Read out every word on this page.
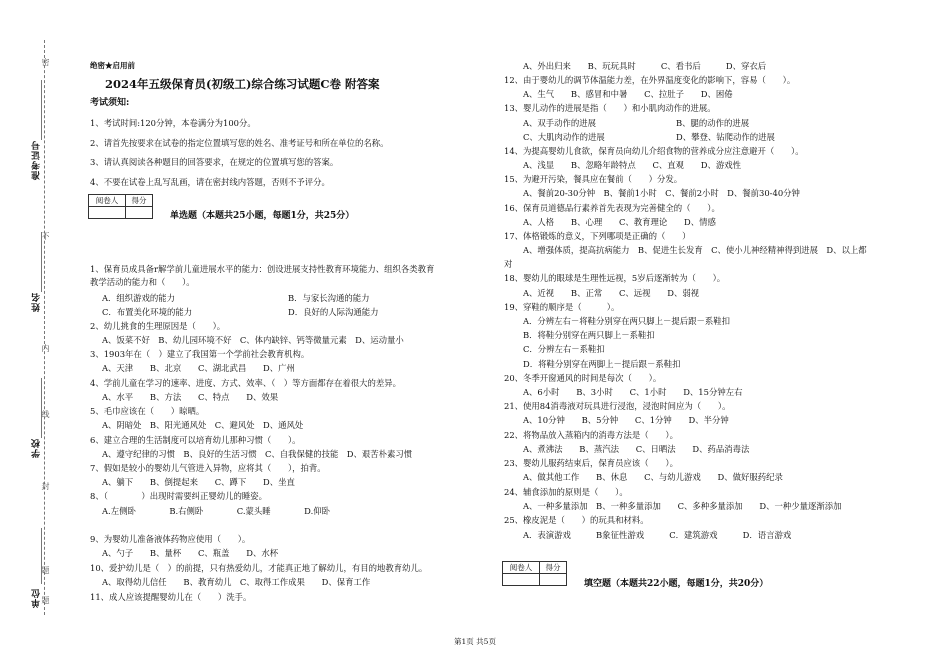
准考证号
姓名
学校
单位
密
不
内
线
封
题
题
绝密★启用前
2024年五级保育员(初级工)综合练习试题C卷 附答案
考试须知:
1、考试时间:120分钟，本卷满分为100分。
2、请首先按要求在试卷的指定位置填写您的姓名、准考证号和所在单位的名称。
3、请认真阅读各种题目的回答要求，在规定的位置填写您的答案。
4、不要在试卷上乱写乱画，请在密封线内答题，否则不予评分。
阅卷人	得分

单选题（本题共25小题，每题1分，共25分）
1、保育员成具备r解学前儿童进展水平的能力：创设进展支持性教育环境能力、组织各类教育
教学活动的能力和（　　）。
A．组织游戏的能力	B．与家长沟通的能力
C．布置美化环境的能力	D．良好的人际沟通能力
2、幼儿挑食的生理原因是（　　）。
A、饭菜不好　B、幼儿园环境不好　C、体内缺锌、钙等微量元素　D、运动量小
3、1903年在（　）建立了我国第一个学前社会教育机构。
A、天津　　B、北京　　C、湖北武昌　　D、广州
4、学前儿童在学习的速率、进度、方式、效率、（　）等方面都存在着很大的差异。
A、水平　　B、方法　　C、特点　　D、效果
5、毛巾应该在（　　）晾晒。
A、阴暗处　B、阳光通风处　C、避风处　D、通风处
6、建立合理的生活制度可以培育幼儿那种习惯（　　）。
A、遵守纪律的习惯　B、良好的生活习惯　C、自我保健的技能　D、艰苦朴素习惯
7、假如是较小的婴幼儿气管进入异物，应将其（　　），拍背。
A、躺下　　B、倒提起来　　C、蹲下　　D、坐直
8、（　　　　）出现时需要纠正婴幼儿的睡姿。
A.左侧卧　　　　B.右侧卧　　　　C.蒙头睡　　　　D.仰卧
9、为婴幼儿准备液体药物应使用（　　）。
A、勺子　　B、量杯　　C、瓶盖　　D、水杯
10、爱护幼儿是（　）的前提，只有热爱幼儿，才能真正地了解幼儿，有目的地教育幼儿。
A、取得幼儿信任　　B、教育幼儿　C、取得工作成果　　D、保育工作
11、成人应该提醒婴幼儿在（　　）洗手。
A、外出归来　　B、玩玩具时　　　C、看书后　　　D、穿衣后
12、由于婴幼儿的调节体温能力差，在外界温度变化的影响下，容易（　　）。
A、生气　　B、感冒和中暑　　C、拉肚子　　D、困倦
13、婴儿动作的进展是指（　　）和小肌肉动作的进展。
A、双手动作的进展	B、腿的动作的进展
C、大肌肉动作的进展	D、攀登、钻爬动作的进展
14、为提高婴幼儿食欲，保育员向幼儿介绍食物的营养成分应注意避开（　　）。
A、浅显　　B、忽略年龄特点　　C、直观　　D、游戏性
15、为避开污染，餐具应在餐前（　　）分发。
A、餐前20-30分钟　B、餐前1小时　C、餐前2小时　D、餐前30-40分钟
16、保育员道德品行素养首先表现为完善健全的（　　）。
A、人格　　B、心理　　C、教育理论　　D、情感
17、体格锻炼的意义，下列哪项是正确的（　　）
A、增强体质，提高抗病能力　B、促进生长发育　C、使小儿神经精神得到进展　D、以上都
对
18、婴幼儿的眼球是生理性远视，5岁后逐渐转为（　　）。
A、近视　　B、正常　　C、远视　　D、弱视
19、穿鞋的顺序是（　　　）。
A．分辨左右－将鞋分别穿在两只脚上－提后跟－系鞋扣
B．将鞋分别穿在两只脚上－系鞋扣
C．分辨左右－系鞋扣
D．将鞋分别穿在两脚上－提后跟－系鞋扣
20、冬季开窗通风的时间是每次（　　）。
A、6小时　　B、3小时　　C、1小时　　D、15分钟左右
21、使用84消毒液对玩具进行浸泡，浸泡时间应为（　　）。
A、10分钟　　B、5分钟　　C、1分钟　　D、半分钟
22、将物品放入蒸箱内的消毒方法是（　　）。
A、煮沸法　　B、蒸汽法　　C、日晒法　　D、药品消毒法
23、婴幼儿服药结束后，保育员应该（　　）。
A、做其他工作　　B、休息　　C、与幼儿游戏　　D、做好服药纪录
24、辅食添加的原则是（　　）。
A、一种多量添加　B、一种多量添加　　C、多种多量添加　　D、一种少量逐渐添加
25、橡皮泥是（　　）的玩具和材料。
A．表演游戏　　　B象征性游戏　　　C．建筑游戏　　　D．语言游戏
阅卷人	得分

填空题（本题共22小题，每题1分，共20分）
第1页 共5页
